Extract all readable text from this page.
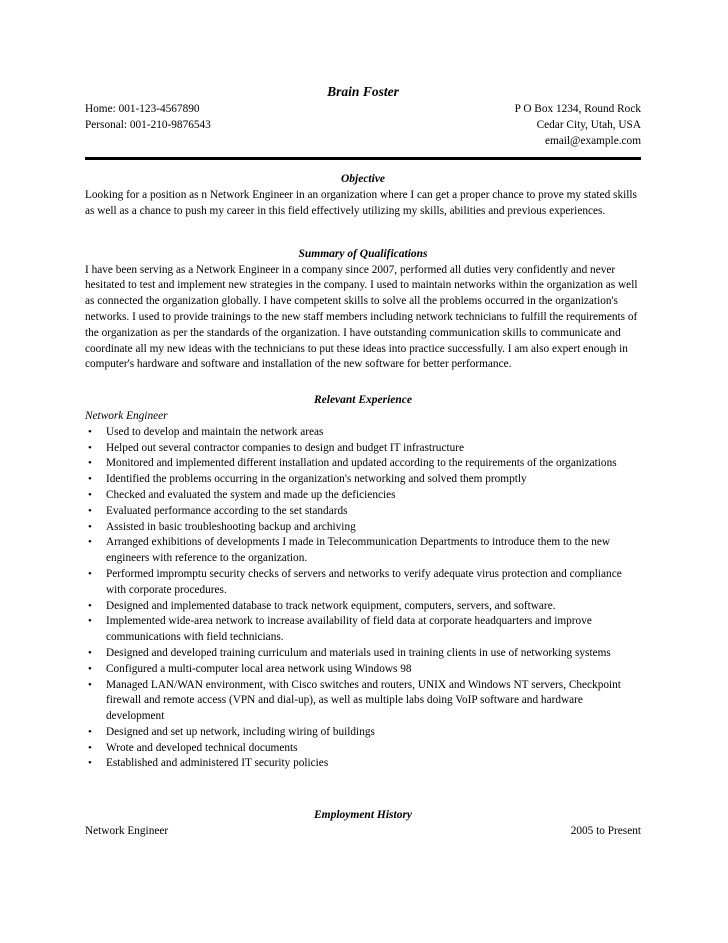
Brain Foster
Home: 001-123-4567890
Personal: 001-210-9876543
P O Box 1234, Round Rock
Cedar City, Utah, USA
email@example.com
Objective

Looking for a position as n Network Engineer in an organization where I can get a proper chance to prove my stated skills as well as a chance to push my career in this field effectively utilizing my skills, abilities and previous experiences.

Summary of Qualifications

I have been serving as a Network Engineer in a company since 2007, performed all duties very confidently and never hesitated to test and implement new strategies in the company. I used to maintain networks within the organization as well as connected the organization globally. I have competent skills to solve all the problems occurred in the organization's networks. I used to provide trainings to the new staff members including network technicians to fulfill the requirements of the organization as per the standards of the organization. I have outstanding communication skills to communicate and coordinate all my new ideas with the technicians to put these ideas into practice successfully. I am also expert enough in computer's hardware and software and installation of the new software for better performance.

Relevant Experience
Network Engineer
• Used to develop and maintain the network areas
• Helped out several contractor companies to design and budget IT infrastructure
• Monitored and implemented different installation and updated according to the requirements of the organizations
• Identified the problems occurring in the organization's networking and solved them promptly
• Checked and evaluated the system and made up the deficiencies
• Evaluated performance according to the set standards
• Assisted in basic troubleshooting backup and archiving
• Arranged exhibitions of developments I made in Telecommunication Departments to introduce them to the new engineers with reference to the organization.
• Performed impromptu security checks of servers and networks to verify adequate virus protection and compliance with corporate procedures.
• Designed and implemented database to track network equipment, computers, servers, and software.
• Implemented wide-area network to increase availability of field data at corporate headquarters and improve communications with field technicians.
• Designed and developed training curriculum and materials used in training clients in use of networking systems
• Configured a multi-computer local area network using Windows 98
• Managed LAN/WAN environment, with Cisco switches and routers, UNIX and Windows NT servers, Checkpoint firewall and remote access (VPN and dial-up), as well as multiple labs doing VoIP software and hardware development
• Designed and set up network, including wiring of buildings
• Wrote and developed technical documents
• Established and administered IT security policies
Employment History
Network Engineer	2005 to Present
